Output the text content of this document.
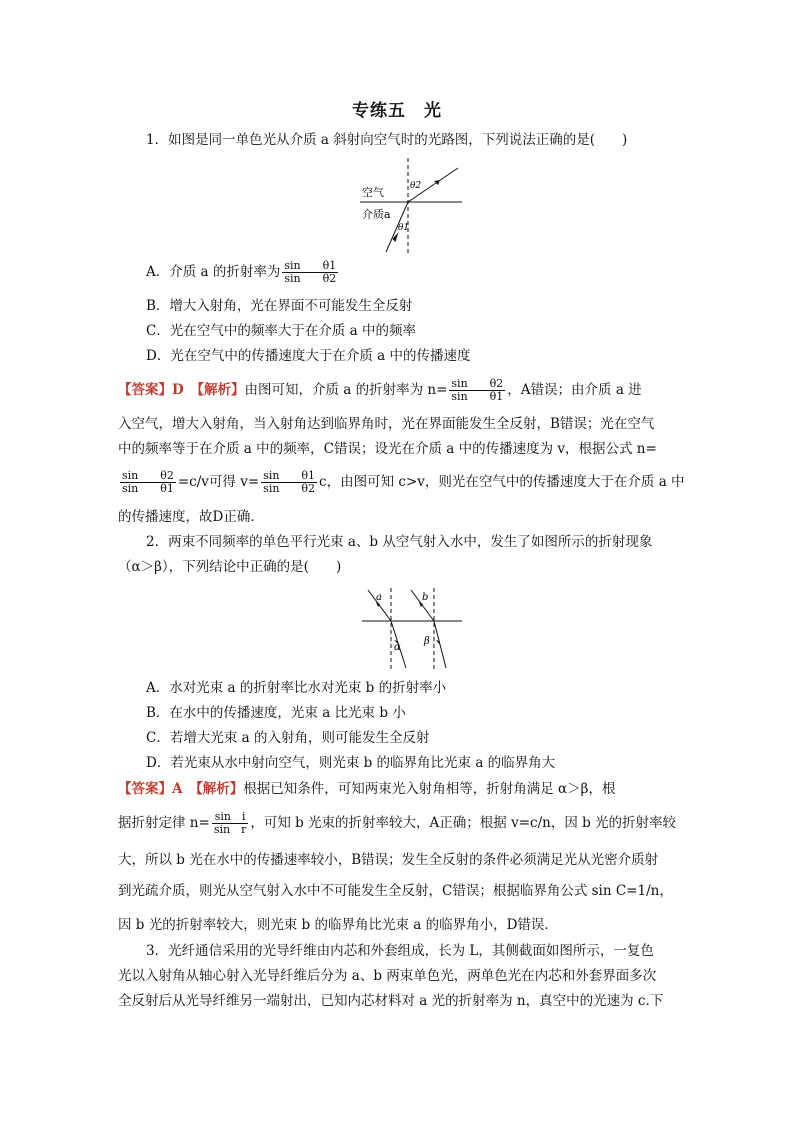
专练五　光
1．如图是同一单色光从介质 a 斜射向空气时的光路图，下列说法正确的是(　　)
空气
介质a
θ2
θ1
A．介质 a 的折射率为 $\frac{\text{sin　　θ1}}{\text{sin　　θ2}}$
B．增大入射角，光在界面不可能发生全反射
C．光在空气中的频率大于在介质 a 中的频率
D．光在空气中的传播速度大于在介质 a 中的传播速度
【答案】D　【解析】由图可知，介质 a 的折射率为 $n= \frac{\text{sin　　θ2}}{\text{sin　　θ1}}$ ，A错误；由介质 a 进
入空气，增大入射角，当入射角达到临界角时，光在界面能发生全反射，B错误；光在空气
中的频率等于在介质 a 中的频率，C错误；设光在介质 a 中的传播速度为 v，根据公式 n=
$\frac{\text{sin　　θ2}}{\text{sin　　θ1}} =c/v$可得 $v= \frac{\text{sin　　θ1}}{\text{sin　　θ2}}$ c，由图可知 c>v，则光在空气中的传播速度大于在介质 a 中
的传播速度，故D正确．
2．两束不同频率的单色平行光束 a、b 从空气射入水中，发生了如图所示的折射现象
（α＞β），下列结论中正确的是(　　)
a	b
α
β
A．水对光束 a 的折射率比水对光束 b 的折射率小
B．在水中的传播速度，光束 a 比光束 b 小
C．若增大光束 a 的入射角，则可能发生全反射
D．若光束从水中射向空气，则光束 b 的临界角比光束 a 的临界角大
【答案】A　【解析】根据已知条件，可知两束光入射角相等，折射角满足 α＞β，根
据折射定律 $n= \frac{\text{sin　i}}{\text{sin　r}}$ ，可知 b 光束的折射率较大，A正确；根据 v=c/n，因 b 光的折射率较
大，所以 b 光在水中的传播速率较小，B错误；发生全反射的条件必须满足光从光密介质射
到光疏介质，则光从空气射入水中不可能发生全反射，C错误；根据临界角公式 sin C=1/n，
因 b 光的折射率较大，则光束 b 的临界角比光束 a 的临界角小，D错误．
3．光纤通信采用的光导纤维由内芯和外套组成，长为 L，其侧截面如图所示，一复色
光以入射角从轴心射入光导纤维后分为 a、b 两束单色光，两单色光在内芯和外套界面多次
全反射后从光导纤维另一端射出，已知内芯材料对 a 光的折射率为 n，真空中的光速为 c.下
